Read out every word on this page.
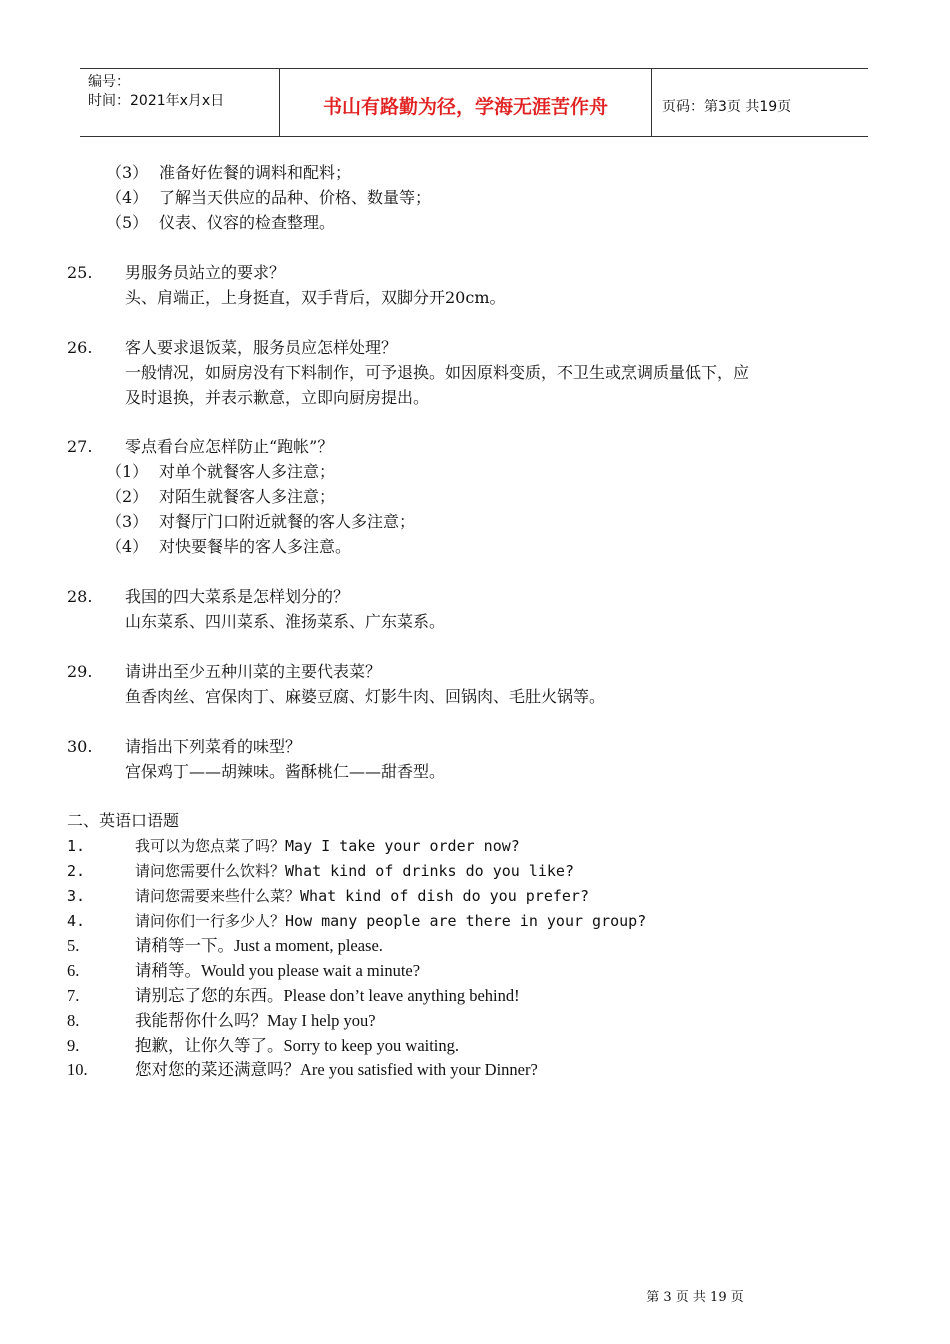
编号：
时间：2021年x月x日	书山有路勤为径，学海无涯苦作舟	页码：第3页 共19页
（3） 准备好佐餐的调料和配料；
（4） 了解当天供应的品种、价格、数量等；
（5） 仪表、仪容的检查整理。
25. 男服务员站立的要求？
头、肩端正，上身挺直，双手背后，双脚分开20cm。
26. 客人要求退饭菜，服务员应怎样处理？
一般情况，如厨房没有下料制作，可予退换。如因原料变质，不卫生或烹调质量低下，应
及时退换，并表示歉意，立即向厨房提出。
27. 零点看台应怎样防止“跑帐”？
（1） 对单个就餐客人多注意；
（2） 对陌生就餐客人多注意；
（3） 对餐厅门口附近就餐的客人多注意；
（4） 对快要餐毕的客人多注意。
28. 我国的四大菜系是怎样划分的？
山东菜系、四川菜系、淮扬菜系、广东菜系。
29. 请讲出至少五种川菜的主要代表菜？
鱼香肉丝、宫保肉丁、麻婆豆腐、灯影牛肉、回锅肉、毛肚火锅等。
30. 请指出下列菜肴的味型？
宫保鸡丁——胡辣味。酱酥桃仁——甜香型。
二、英语口语题
1.	我可以为您点菜了吗？May I take your order now?
2.	请问您需要什么饮料？What kind of drinks do you like?
3.	请问您需要来些什么菜？What kind of dish do you prefer?
4.	请问你们一行多少人？How many people are there in your group?
5.	请稍等一下。Just a moment, please.
6.	请稍等。Would you please wait a minute?
7.	请别忘了您的东西。Please don’t leave anything behind!
8.	我能帮你什么吗？May I help you?
9.	抱歉，让你久等了。Sorry to keep you waiting.
10.	您对您的菜还满意吗？Are you satisfied with your Dinner?
第 3 页 共 19 页
